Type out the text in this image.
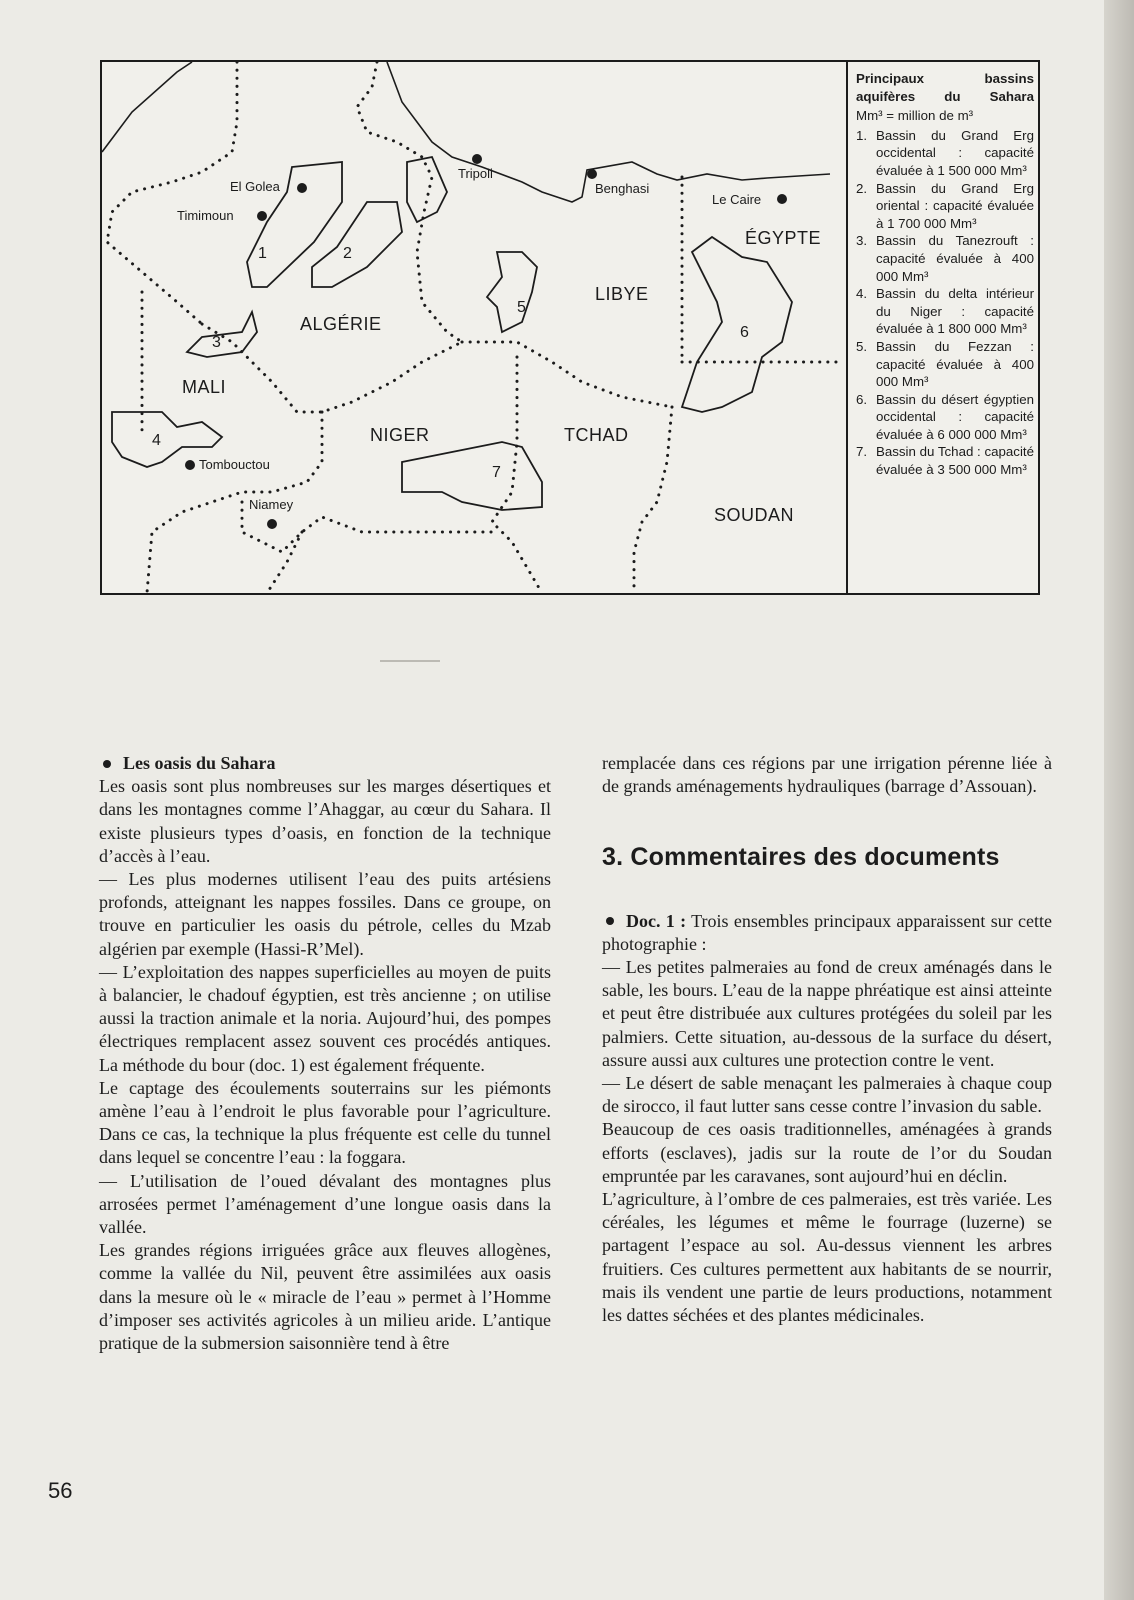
ALGÉRIE
LIBYE
ÉGYPTE
MALI
NIGER	TCHAD
SOUDAN
El Golea
Timimoun
Tripoli
Benghasi
Le Caire
Tombouctou
Niamey
1	2
3
4
5
6
7
Principaux bassins
aquifères du Sahara
Mm³ = million de m³
1. Bassin du Grand Erg occidental : capacité évaluée à 1 500 000 Mm³
2. Bassin du Grand Erg oriental : capacité évaluée à 1 700 000 Mm³
3. Bassin du Tanezrouft : capacité évaluée à 400 000 Mm³
4. Bassin du delta intérieur du Niger : capacité évaluée à 1 800 000 Mm³
5. Bassin du Fezzan : capacité évaluée à 400 000 Mm³
6. Bassin du désert égyptien occidental : capacité évaluée à 6 000 000 Mm³
7. Bassin du Tchad : capacité évaluée à 3 500 000 Mm³

Les oasis du Sahara

Les oasis sont plus nombreuses sur les marges désertiques et dans les montagnes comme l’Ahaggar, au cœur du Sahara. Il existe plusieurs types d’oasis, en fonction de la technique d’accès à l’eau.

— Les plus modernes utilisent l’eau des puits artésiens profonds, atteignant les nappes fossiles. Dans ce groupe, on trouve en particulier les oasis du pétrole, celles du Mzab algérien par exemple (Hassi-R’Mel).

— L’exploitation des nappes superficielles au moyen de puits à balancier, le chadouf égyptien, est très ancienne ; on utilise aussi la traction animale et la noria. Aujourd’hui, des pompes électriques remplacent assez souvent ces procédés antiques. La méthode du bour (doc. 1) est également fréquente.

Le captage des écoulements souterrains sur les piémonts amène l’eau à l’endroit le plus favorable pour l’agriculture. Dans ce cas, la technique la plus fréquente est celle du tunnel dans lequel se concentre l’eau : la foggara.

— L’utilisation de l’oued dévalant des montagnes plus arrosées permet l’aménagement d’une longue oasis dans la vallée.

Les grandes régions irriguées grâce aux fleuves allogènes, comme la vallée du Nil, peuvent être assimilées aux oasis dans la mesure où le « miracle de l’eau » permet à l’Homme d’imposer ses activités agricoles à un milieu aride. L’antique pratique de la submersion saisonnière tend à être

remplacée dans ces régions par une irrigation pérenne liée à de grands aménagements hydrauliques (barrage d’Assouan).

3. Commentaires des documents

Doc. 1 : Trois ensembles principaux apparaissent sur cette photographie :

— Les petites palmeraies au fond de creux aménagés dans le sable, les bours. L’eau de la nappe phréatique est ainsi atteinte et peut être distribuée aux cultures protégées du soleil par les palmiers. Cette situation, au-dessous de la surface du désert, assure aussi aux cultures une protection contre le vent.

— Le désert de sable menaçant les palmeraies à chaque coup de sirocco, il faut lutter sans cesse contre l’invasion du sable.

Beaucoup de ces oasis traditionnelles, aménagées à grands efforts (esclaves), jadis sur la route de l’or du Soudan empruntée par les caravanes, sont aujourd’hui en déclin.

L’agriculture, à l’ombre de ces palmeraies, est très variée. Les céréales, les légumes et même le fourrage (luzerne) se partagent l’espace au sol. Au-dessus viennent les arbres fruitiers. Ces cultures permettent aux habitants de se nourrir, mais ils vendent une partie de leurs productions, notamment les dattes séchées et des plantes médicinales.

56
